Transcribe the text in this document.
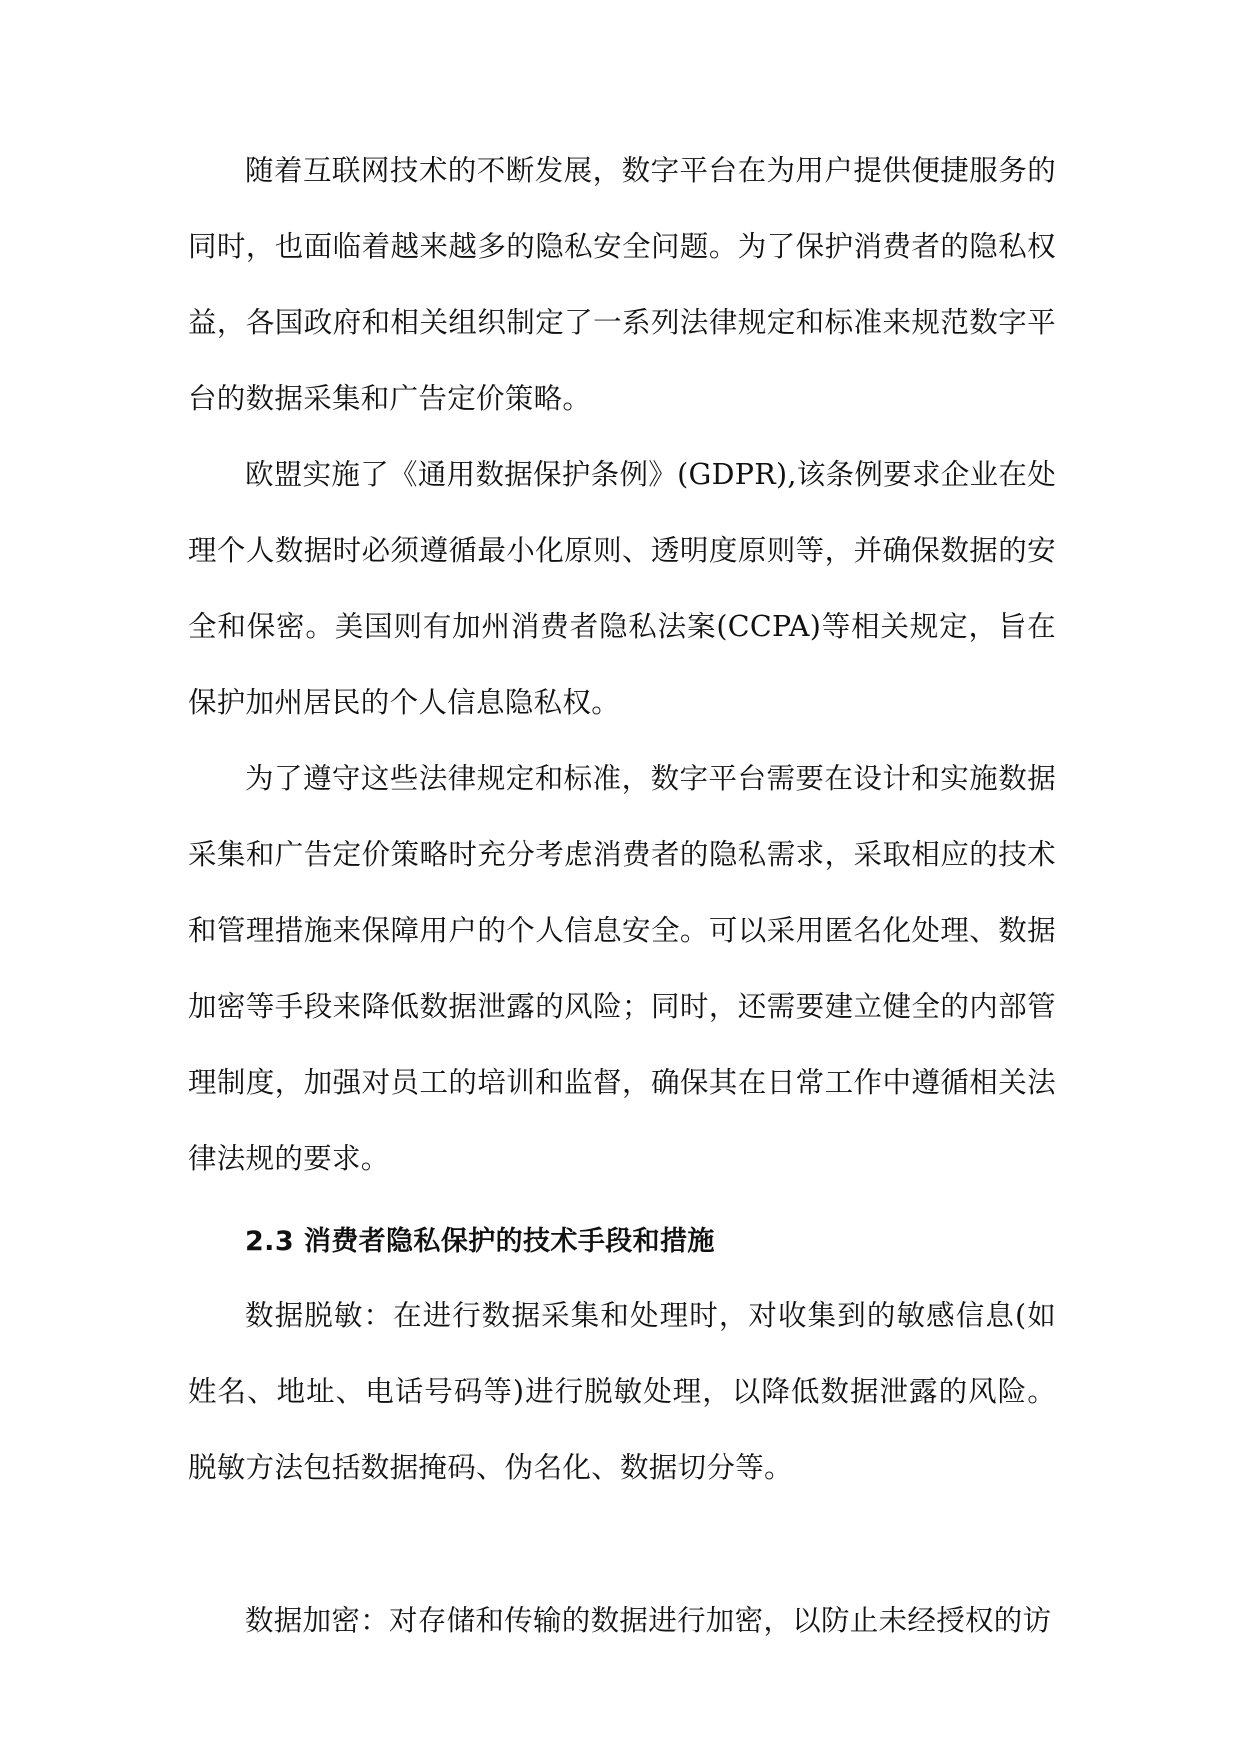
随着互联网技术的不断发展，数字平台在为用户提供便捷服务的同时，也面临着越来越多的隐私安全问题。为了保护消费者的隐私权益，各国政府和相关组织制定了一系列法律规定和标准来规范数字平台的数据采集和广告定价策略。

欧盟实施了《通用数据保护条例》(GDPR),该条例要求企业在处理个人数据时必须遵循最小化原则、透明度原则等，并确保数据的安全和保密。美国则有加州消费者隐私法案(CCPA)等相关规定，旨在保护加州居民的个人信息隐私权。

为了遵守这些法律规定和标准，数字平台需要在设计和实施数据采集和广告定价策略时充分考虑消费者的隐私需求，采取相应的技术和管理措施来保障用户的个人信息安全。可以采用匿名化处理、数据加密等手段来降低数据泄露的风险；同时，还需要建立健全的内部管理制度，加强对员工的培训和监督，确保其在日常工作中遵循相关法律法规的要求。

2.3 消费者隐私保护的技术手段和措施

数据脱敏：在进行数据采集和处理时，对收集到的敏感信息(如姓名、地址、电话号码等)进行脱敏处理，以降低数据泄露的风险。脱敏方法包括数据掩码、伪名化、数据切分等。

数据加密：对存储和传输的数据进行加密，以防止未经授权的访
